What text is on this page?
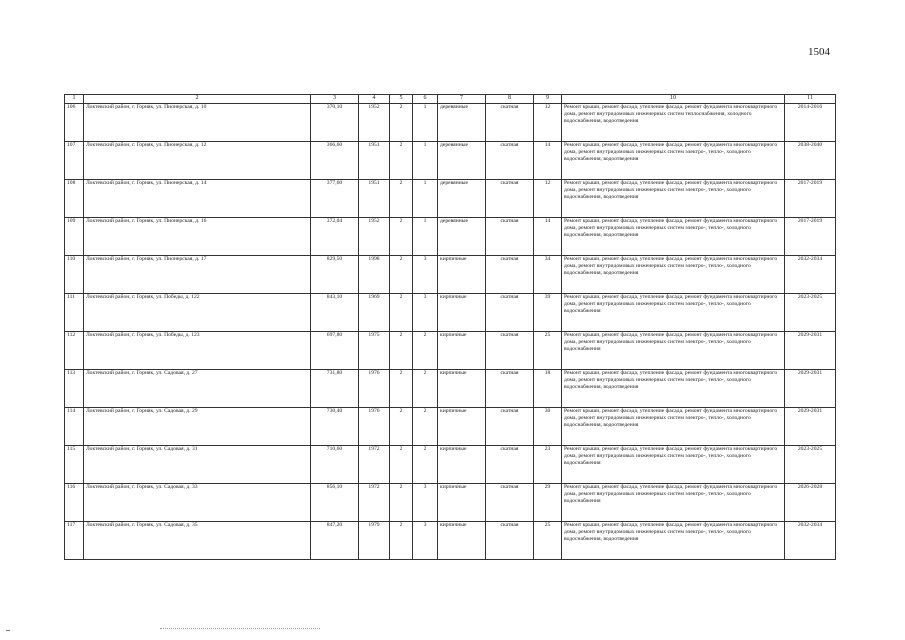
1504
1	2	3	4	5	6	7	8	9	10	11
106	Локтевский район, г. Горняк, ул. Пионерская, д. 10	370,10	1952	2	1	деревянные	скатная	12	Ремонт крыши, ремонт фасада, утепление фасада, ремонт фундамента многоквартирного дома, ремонт внутридомовых инженерных систем теплоснабжения, холодного водоснабжения, водоотведения	2014-2016
107	Локтевский район, г. Горняк, ул. Пионерская, д. 12	366,60	1951	2	1	деревянные	скатная	14	Ремонт крыши, ремонт фасада, утепление фасада, ремонт фундамента многоквартирного дома, ремонт внутридомовых инженерных систем электро-, тепло-, холодного водоснабжения, водоотведения	2038-2040
108	Локтевский район, г. Горняк, ул. Пионерская, д. 14	377,60	1951	2	1	деревянные	скатная	12	Ремонт крыши, ремонт фасада, утепление фасада, ремонт фундамента многоквартирного дома, ремонт внутридомовых инженерных систем электро-, тепло-, холодного водоснабжения, водоотведения	2017-2019
109	Локтевский район, г. Горняк, ул. Пионерская, д. 16	372,04	1952	2	1	деревянные	скатная	14	Ремонт крыши, ремонт фасада, утепление фасада, ремонт фундамента многоквартирного дома, ремонт внутридомовых инженерных систем электро-, тепло-, холодного водоснабжения, водоотведения	2017-2019
110	Локтевский район, г. Горняк, ул. Пионерская, д. 17	829,50	1998	2	3	кирпичные	скатная	34	Ремонт крыши, ремонт фасада, утепление фасада, ремонт фундамента многоквартирного дома, ремонт внутридомовых инженерных систем электро-, тепло-, холодного водоснабжения, водоотведения	2032-2034
111	Локтевский район, г. Горняк, ул. Победы, д. 122	843,10	1969	2	3	кирпичные	скатная	39	Ремонт крыши, ремонт фасада, утепление фасада, ремонт фундамента многоквартирного дома, ремонт внутридомовых инженерных систем электро-, тепло-, холодного водоснабжения	2023-2025
112	Локтевский район, г. Горняк, ул. Победы, д. 123	697,80	1975	2	2	кирпичные	скатная	25	Ремонт крыши, ремонт фасада, утепление фасада, ремонт фундамента многоквартирного дома, ремонт внутридомовых инженерных систем электро-, тепло-, холодного водоснабжения	2029-2031
113	Локтевский район, г. Горняк, ул. Садовая, д. 27	731,80	1976	2	2	кирпичные	скатная	18	Ремонт крыши, ремонт фасада, утепление фасада, ремонт фундамента многоквартирного дома, ремонт внутридомовых инженерных систем электро-, тепло-, холодного водоснабжения, водоотведения	2029-2031
114	Локтевский район, г. Горняк, ул. Садовая, д. 29	730,40	1976	2	2	кирпичные	скатная	30	Ремонт крыши, ремонт фасада, утепление фасада, ремонт фундамента многоквартирного дома, ремонт внутридомовых инженерных систем электро-, тепло-, холодного водоснабжения, водоотведения	2029-2031
115	Локтевский район, г. Горняк, ул. Садовая, д. 31	710,60	1972	2	2	кирпичные	скатная	23	Ремонт крыши, ремонт фасада, утепление фасада, ремонт фундамента многоквартирного дома, ремонт внутридомовых инженерных систем электро-, тепло-, холодного водоснабжения	2023-2025
116	Локтевский район, г. Горняк, ул. Садовая, д. 33	856,10	1972	2	3	кирпичные	скатная	29	Ремонт крыши, ремонт фасада, утепление фасада, ремонт фундамента многоквартирного дома, ремонт внутридомовых инженерных систем электро-, тепло-, холодного водоснабжения	2026-2028
117	Локтевский район, г. Горняк, ул. Садовая, д. 35	847,20	1979	2	3	кирпичные	скатная	25	Ремонт крыши, ремонт фасада, утепление фасада, ремонт фундамента многоквартирного дома, ремонт внутридомовых инженерных систем электро-, тепло-, холодного водоснабжения, водоотведения	2032-2034
